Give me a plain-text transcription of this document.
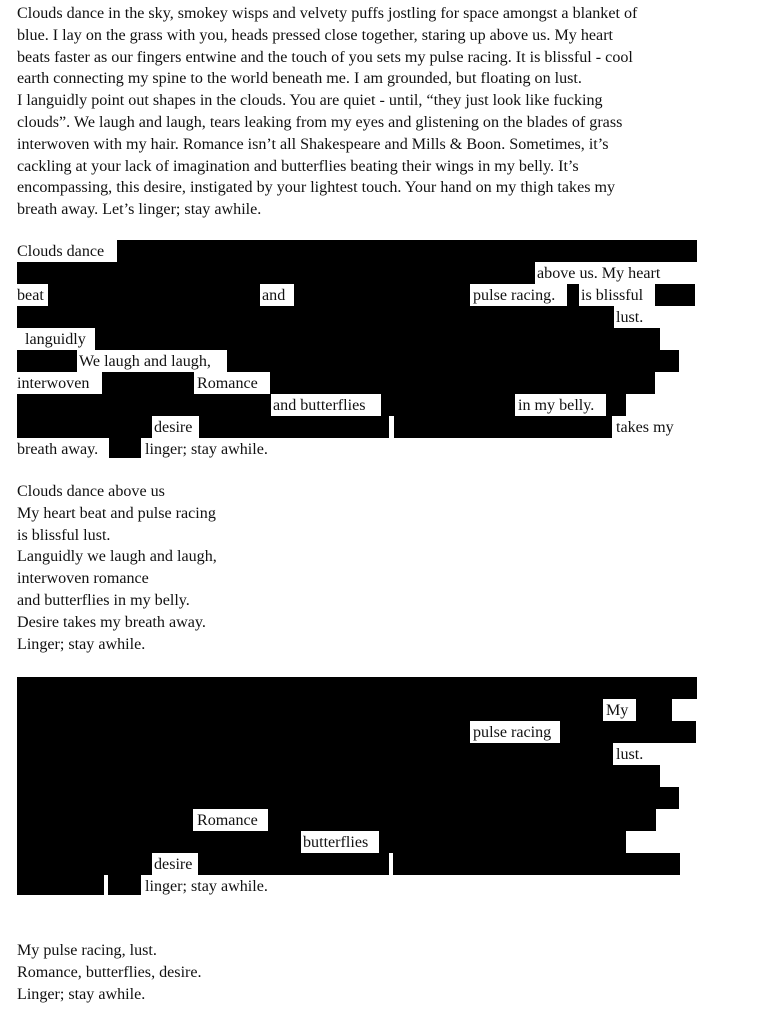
Clouds dance in the sky, smokey wisps and velvety puffs jostling for space amongst a blanket of
blue. I lay on the grass with you, heads pressed close together, staring up above us. My heart
beats faster as our fingers entwine and the touch of you sets my pulse racing. It is blissful - cool
earth connecting my spine to the world beneath me. I am grounded, but floating on lust.
I languidly point out shapes in the clouds. You are quiet - until, “they just look like fucking
clouds”. We laugh and laugh, tears leaking from my eyes and glistening on the blades of grass
interwoven with my hair. Romance isn’t all Shakespeare and Mills & Boon. Sometimes, it’s
cackling at your lack of imagination and butterflies beating their wings in my belly. It’s
encompassing, this desire, instigated by your lightest touch. Your hand on my thigh takes my
breath away. Let’s linger; stay awhile.
Clouds dance
above us. My heart
beat	and	pulse racing. is blissful
lust.
languidly
We laugh and laugh,
interwoven	Romance
and butterflies	in my belly.
desire	takes my
breath away.	linger; stay awhile.
Clouds dance above us
My heart beat and pulse racing
is blissful lust.
Languidly we laugh and laugh,
interwoven romance
and butterflies in my belly.
Desire takes my breath away.
Linger; stay awhile.
My
pulse racing
lust.
Romance
butterflies
desire
linger; stay awhile.
My pulse racing, lust.
Romance, butterflies, desire.
Linger; stay awhile.
